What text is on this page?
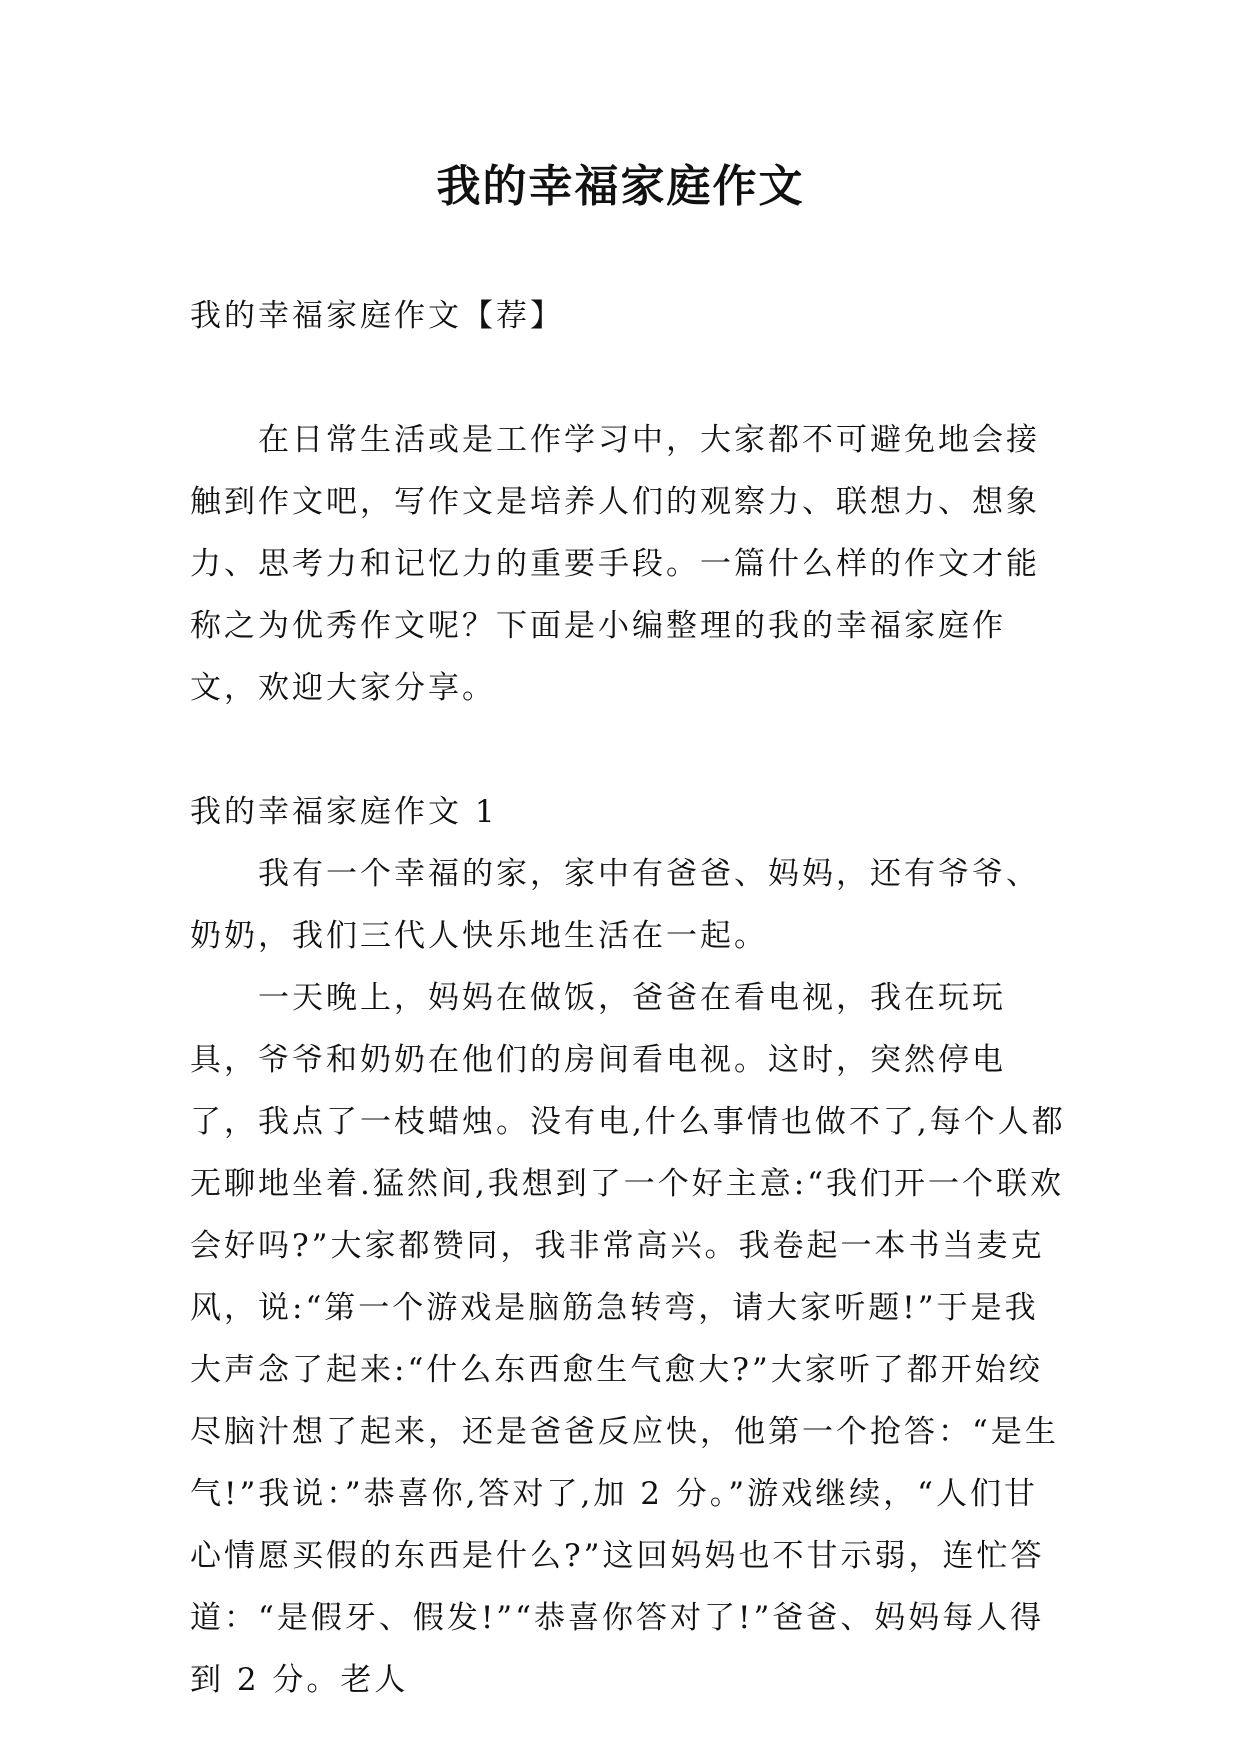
我的幸福家庭作文

我的幸福家庭作文【荐】

在日常生活或是工作学习中，大家都不可避免地会接触到作文吧，写作文是培养人们的观察力、联想力、想象力、思考力和记忆力的重要手段。一篇什么样的作文才能称之为优秀作文呢？下面是小编整理的我的幸福家庭作文，欢迎大家分享。

我的幸福家庭作文 1

我有一个幸福的家，家中有爸爸、妈妈，还有爷爷、奶奶，我们三代人快乐地生活在一起。

一天晚上，妈妈在做饭，爸爸在看电视，我在玩玩具，爷爷和奶奶在他们的房间看电视。这时，突然停电了，我点了一枝蜡烛。没有电,什么事情也做不了,每个人都无聊地坐着.猛然间,我想到了一个好主意:“我们开一个联欢会好吗?”大家都赞同，我非常高兴。我卷起一本书当麦克风，说:“第一个游戏是脑筋急转弯，请大家听题!”于是我大声念了起来:“什么东西愈生气愈大?”大家听了都开始绞尽脑汁想了起来，还是爸爸反应快，他第一个抢答：“是生气!”我说：”恭喜你,答对了,加 2 分。”游戏继续，“人们甘心情愿买假的东西是什么?”这回妈妈也不甘示弱，连忙答道：“是假牙、假发!”“恭喜你答对了!”爸爸、妈妈每人得到 2 分。老人
